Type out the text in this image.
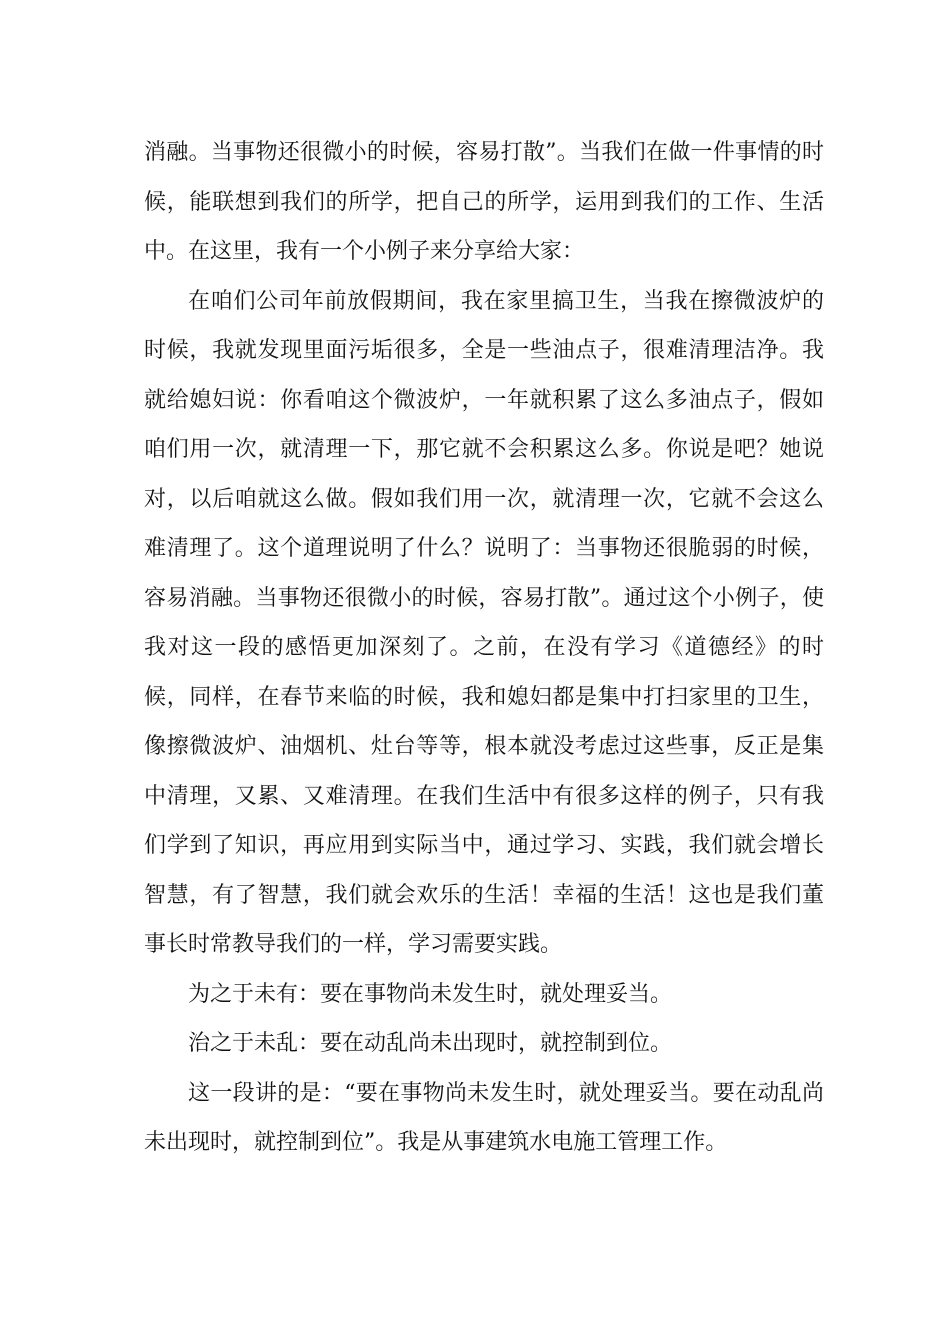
消融。当事物还很微小的时候，容易打散”。当我们在做一件事情的时候，能联想到我们的所学，把自己的所学，运用到我们的工作、生活中。在这里，我有一个小例子来分享给大家：

在咱们公司年前放假期间，我在家里搞卫生，当我在擦微波炉的时候，我就发现里面污垢很多，全是一些油点子，很难清理洁净。我就给媳妇说：你看咱这个微波炉，一年就积累了这么多油点子，假如咱们用一次，就清理一下，那它就不会积累这么多。你说是吧？她说对，以后咱就这么做。假如我们用一次，就清理一次，它就不会这么难清理了。这个道理说明了什么？说明了：当事物还很脆弱的时候，容易消融。当事物还很微小的时候，容易打散”。通过这个小例子，使我对这一段的感悟更加深刻了。之前，在没有学习《道德经》的时候，同样，在春节来临的时候，我和媳妇都是集中打扫家里的卫生，像擦微波炉、油烟机、灶台等等，根本就没考虑过这些事，反正是集中清理，又累、又难清理。在我们生活中有很多这样的例子，只有我们学到了知识，再应用到实际当中，通过学习、实践，我们就会增长智慧，有了智慧，我们就会欢乐的生活！幸福的生活！这也是我们董事长时常教导我们的一样，学习需要实践。

为之于未有：要在事物尚未发生时，就处理妥当。

治之于未乱：要在动乱尚未出现时，就控制到位。

这一段讲的是：“要在事物尚未发生时，就处理妥当。要在动乱尚未出现时，就控制到位”。我是从事建筑水电施工管理工作。
